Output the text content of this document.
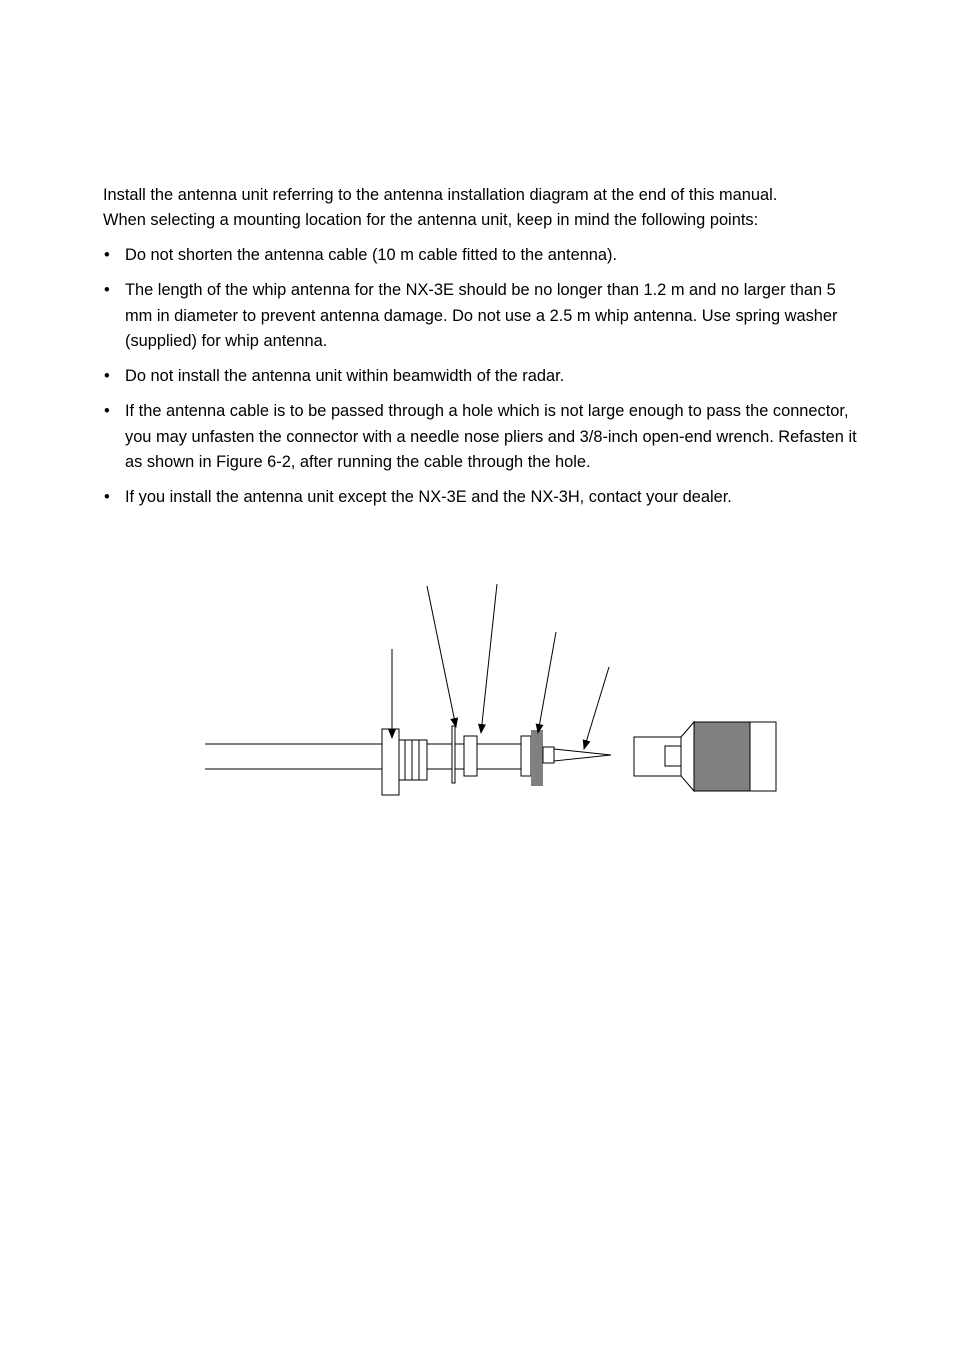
Install the antenna unit referring to the antenna installation diagram at the end of this manual.

When selecting a mounting location for the antenna unit, keep in mind the following points:

• Do not shorten the antenna cable (10 m cable fitted to the antenna).
• The length of the whip antenna for the NX-3E should be no longer than 1.2 m and no larger than 5 mm in diameter to prevent antenna damage. Do not use a 2.5 m whip antenna. Use spring washer (supplied) for whip antenna.
• Do not install the antenna unit within beamwidth of the radar.
• If the antenna cable is to be passed through a hole which is not large enough to pass the connector, you may unfasten the connector with a needle nose pliers and 3/8-inch open-end wrench. Refasten it as shown in Figure 6-2, after running the cable through the hole.
• If you install the antenna unit except the NX-3E and the NX-3H, contact your dealer.
